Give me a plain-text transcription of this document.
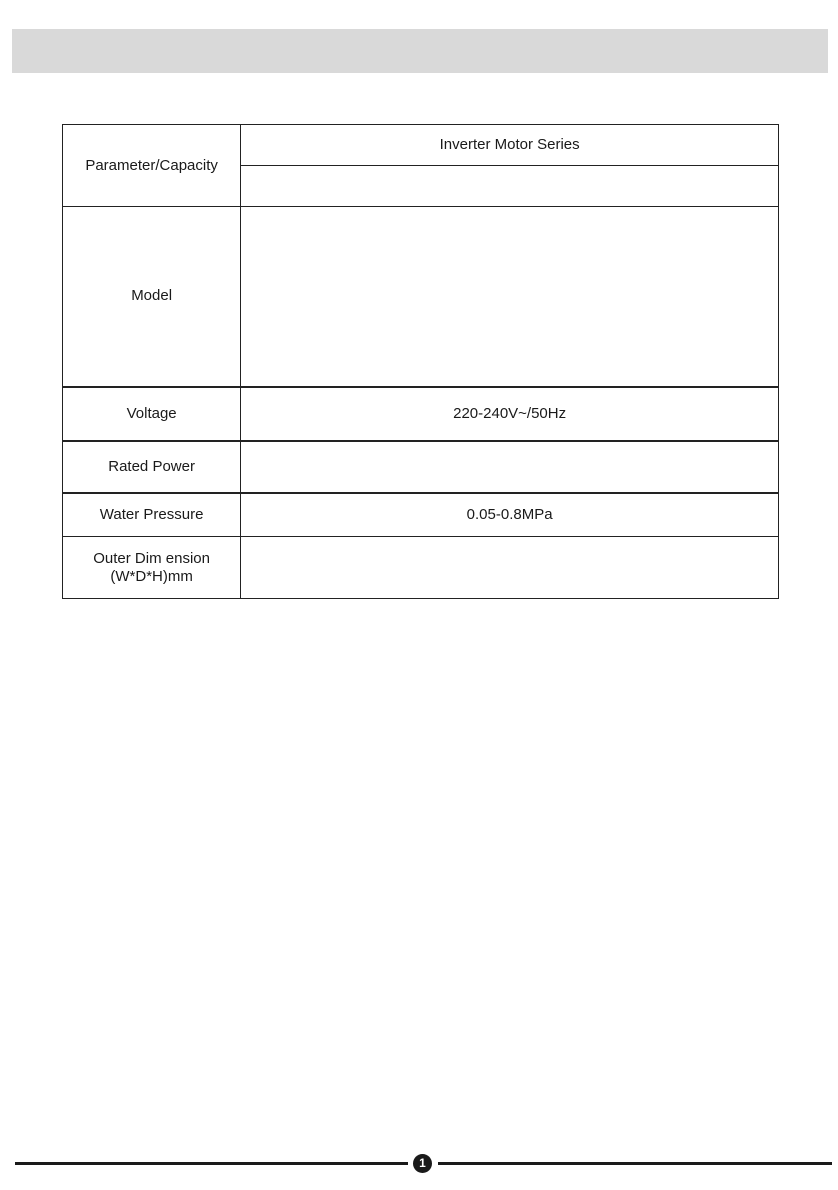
Parameter/Capacity	Inverter Motor Series

Model	
Voltage	220-240V~/50Hz
Rated Power	
Water Pressure	0.05-0.8MPa

Outer Dim ension
(W*D*H)mm	

1
